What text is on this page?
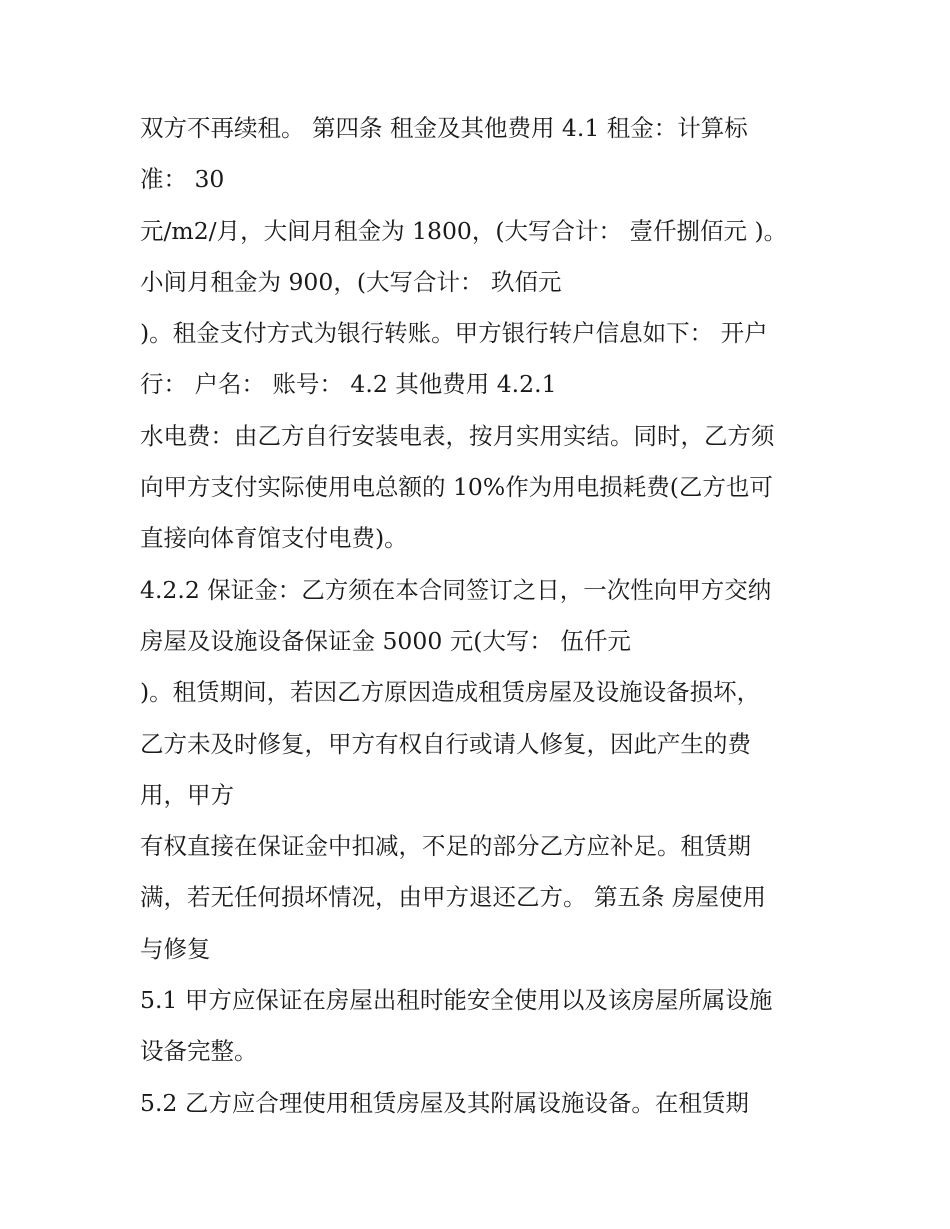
双方不再续租。 第四条 租金及其他费用 4.1 租金：计算标
准： 30
元/m2/月，大间月租金为 1800，(大写合计： 壹仟捌佰元 )。
小间月租金为 900，(大写合计： 玖佰元
)。租金支付方式为银行转账。甲方银行转户信息如下： 开户
行： 户名： 账号： 4.2 其他费用 4.2.1
水电费：由乙方自行安装电表，按月实用实结。同时，乙方须
向甲方支付实际使用电总额的 10%作为用电损耗费(乙方也可
直接向体育馆支付电费)。
4.2.2 保证金：乙方须在本合同签订之日，一次性向甲方交纳
房屋及设施设备保证金 5000 元(大写： 伍仟元
)。租赁期间，若因乙方原因造成租赁房屋及设施设备损坏，
乙方未及时修复，甲方有权自行或请人修复，因此产生的费
用，甲方
有权直接在保证金中扣减，不足的部分乙方应补足。租赁期
满，若无任何损坏情况，由甲方退还乙方。 第五条 房屋使用
与修复
5.1 甲方应保证在房屋出租时能安全使用以及该房屋所属设施
设备完整。
5.2 乙方应合理使用租赁房屋及其附属设施设备。在租赁期
